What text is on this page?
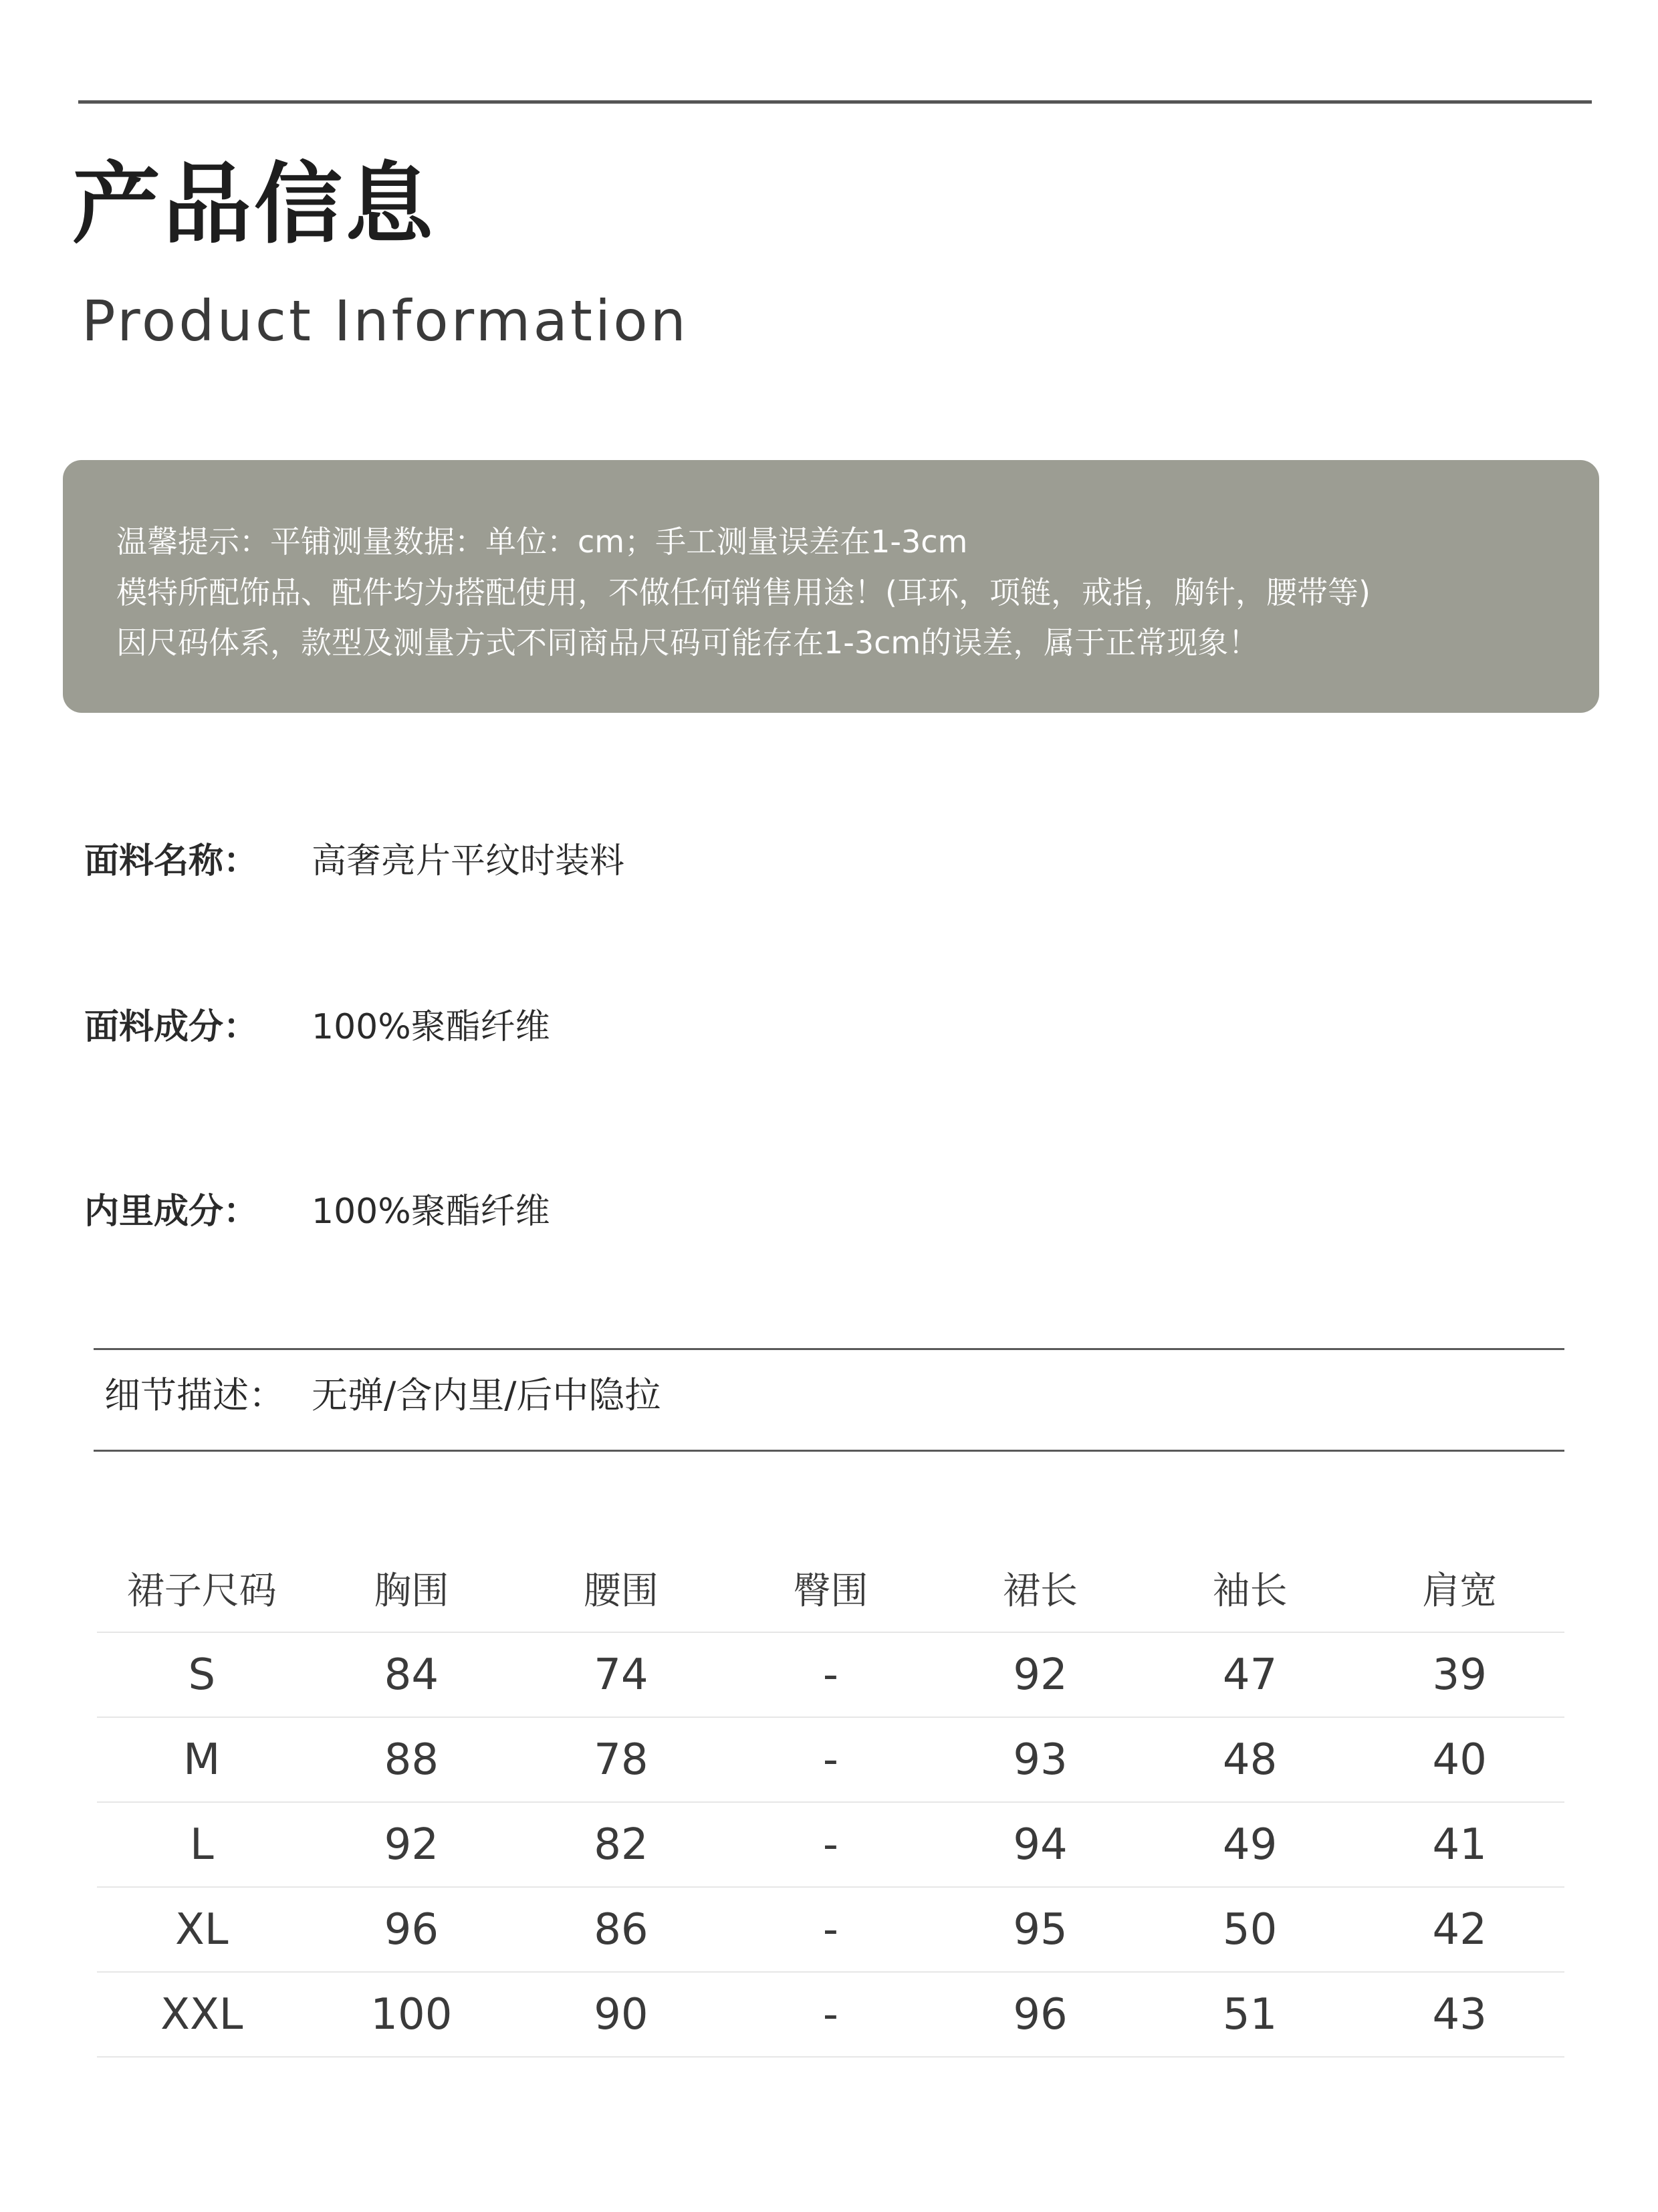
产品信息
Product Information
温馨提示：平铺测量数据：单位：cm；手工测量误差在1-3cm
模特所配饰品、配件均为搭配使用，不做任何销售用途！(耳环，项链，戒指，胸针，腰带等)
因尺码体系，款型及测量方式不同商品尺码可能存在1-3cm的误差，属于正常现象！
面料名称： 高奢亮片平纹时装料
面料成分： 100%聚酯纤维
内里成分： 100%聚酯纤维
细节描述： 无弹/含内里/后中隐拉
裙子尺码	胸围	腰围	臀围	裙长	袖长	肩宽
S	84	74	-	92	47	39
M	88	78	-	93	48	40
L	92	82	-	94	49	41
XL	96	86	-	95	50	42
XXL	100	90	-	96	51	43
